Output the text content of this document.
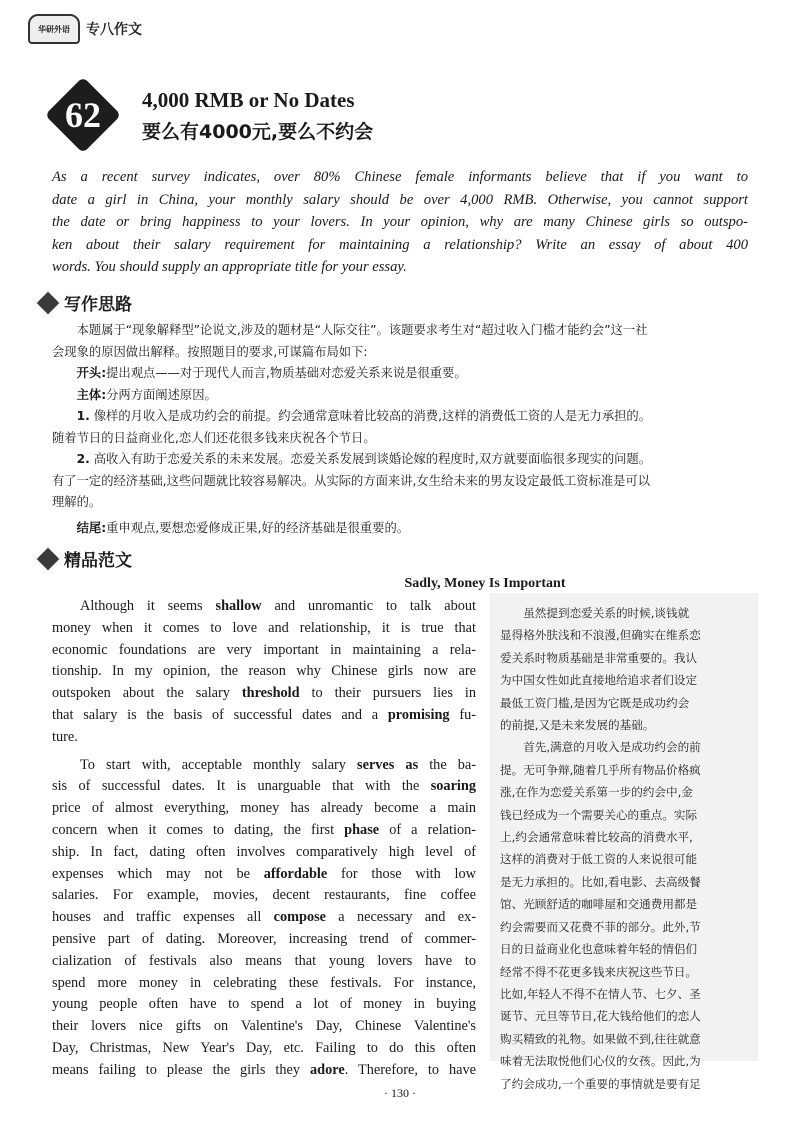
华研外语	专八作文
62	4,000 RMB or No Dates
要么有4000元,要么不约会
As a recent survey indicates, over 80% Chinese female informants believe that if you want to
date a girl in China, your monthly salary should be over 4,000 RMB. Otherwise, you cannot support
the date or bring happiness to your lovers. In your opinion, why are many Chinese girls so outspo-
ken about their salary requirement for maintaining a relationship? Write an essay of about 400
words. You should supply an appropriate title for your essay.
写作思路

本题属于“现象解释型”论说文,涉及的题材是“人际交往”。该题要求考生对“超过收入门槛才能约会”这一社

会现象的原因做出解释。按照题目的要求,可谋篇布局如下:

开头:提出观点——对于现代人而言,物质基础对恋爱关系来说是很重要。

主体:分两方面阐述原因。

1. 像样的月收入是成功约会的前提。约会通常意味着比较高的消费,这样的消费低工资的人是无力承担的。

随着节日的日益商业化,恋人们还花很多钱来庆祝各个节日。

2. 高收入有助于恋爱关系的未来发展。恋爱关系发展到谈婚论嫁的程度时,双方就要面临很多现实的问题。

有了一定的经济基础,这些问题就比较容易解决。从实际的方面来讲,女生给未来的男友设定最低工资标准是可以

理解的。

结尾:重申观点,要想恋爱修成正果,好的经济基础是很重要的。

精品范文
Sadly, Money Is Important
Although it seems shallow and unromantic to talk about
money when it comes to love and relationship, it is true that
economic foundations are very important in maintaining a rela-
tionship. In my opinion, the reason why Chinese girls now are
outspoken about the salary threshold to their pursuers lies in
that salary is the basis of successful dates and a promising fu-
ture.
To start with, acceptable monthly salary serves as the ba-
sis of successful dates. It is unarguable that with the soaring
price of almost everything, money has already become a main
concern when it comes to dating, the first phase of a relation-
ship. In fact, dating often involves comparatively high level of
expenses which may not be affordable for those with low
salaries. For example, movies, decent restaurants, fine coffee
houses and traffic expenses all compose a necessary and ex-
pensive part of dating. Moreover, increasing trend of commer-
cialization of festivals also means that young lovers have to
spend more money in celebrating these festivals. For instance,
young people often have to spend a lot of money in buying
their lovers nice gifts on Valentine's Day, Chinese Valentine's
Day, Christmas, New Year's Day, etc. Failing to do this often
means failing to please the girls they adore. Therefore, to have
　　虽然提到恋爱关系的时候,谈钱就
显得格外肤浅和不浪漫,但确实在维系恋
爱关系时物质基础是非常重要的。我认
为中国女性如此直接地给追求者们设定
最低工资门槛,是因为它既是成功约会
的前提,又是未来发展的基础。
　　首先,满意的月收入是成功约会的前
提。无可争辩,随着几乎所有物品价格疯
涨,在作为恋爱关系第一步的约会中,金
钱已经成为一个需要关心的重点。实际
上,约会通常意味着比较高的消费水平,
这样的消费对于低工资的人来说很可能
是无力承担的。比如,看电影、去高级餐
馆、光顾舒适的咖啡屋和交通费用都是
约会需要而又花费不菲的部分。此外,节
日的日益商业化也意味着年轻的情侣们
经常不得不花更多钱来庆祝这些节日。
比如,年轻人不得不在情人节、七夕、圣
诞节、元旦等节日,花大钱给他们的恋人
购买精致的礼物。如果做不到,往往就意
味着无法取悦他们心仪的女孩。因此,为
了约会成功,一个重要的事情就是要有足
· 130 ·
